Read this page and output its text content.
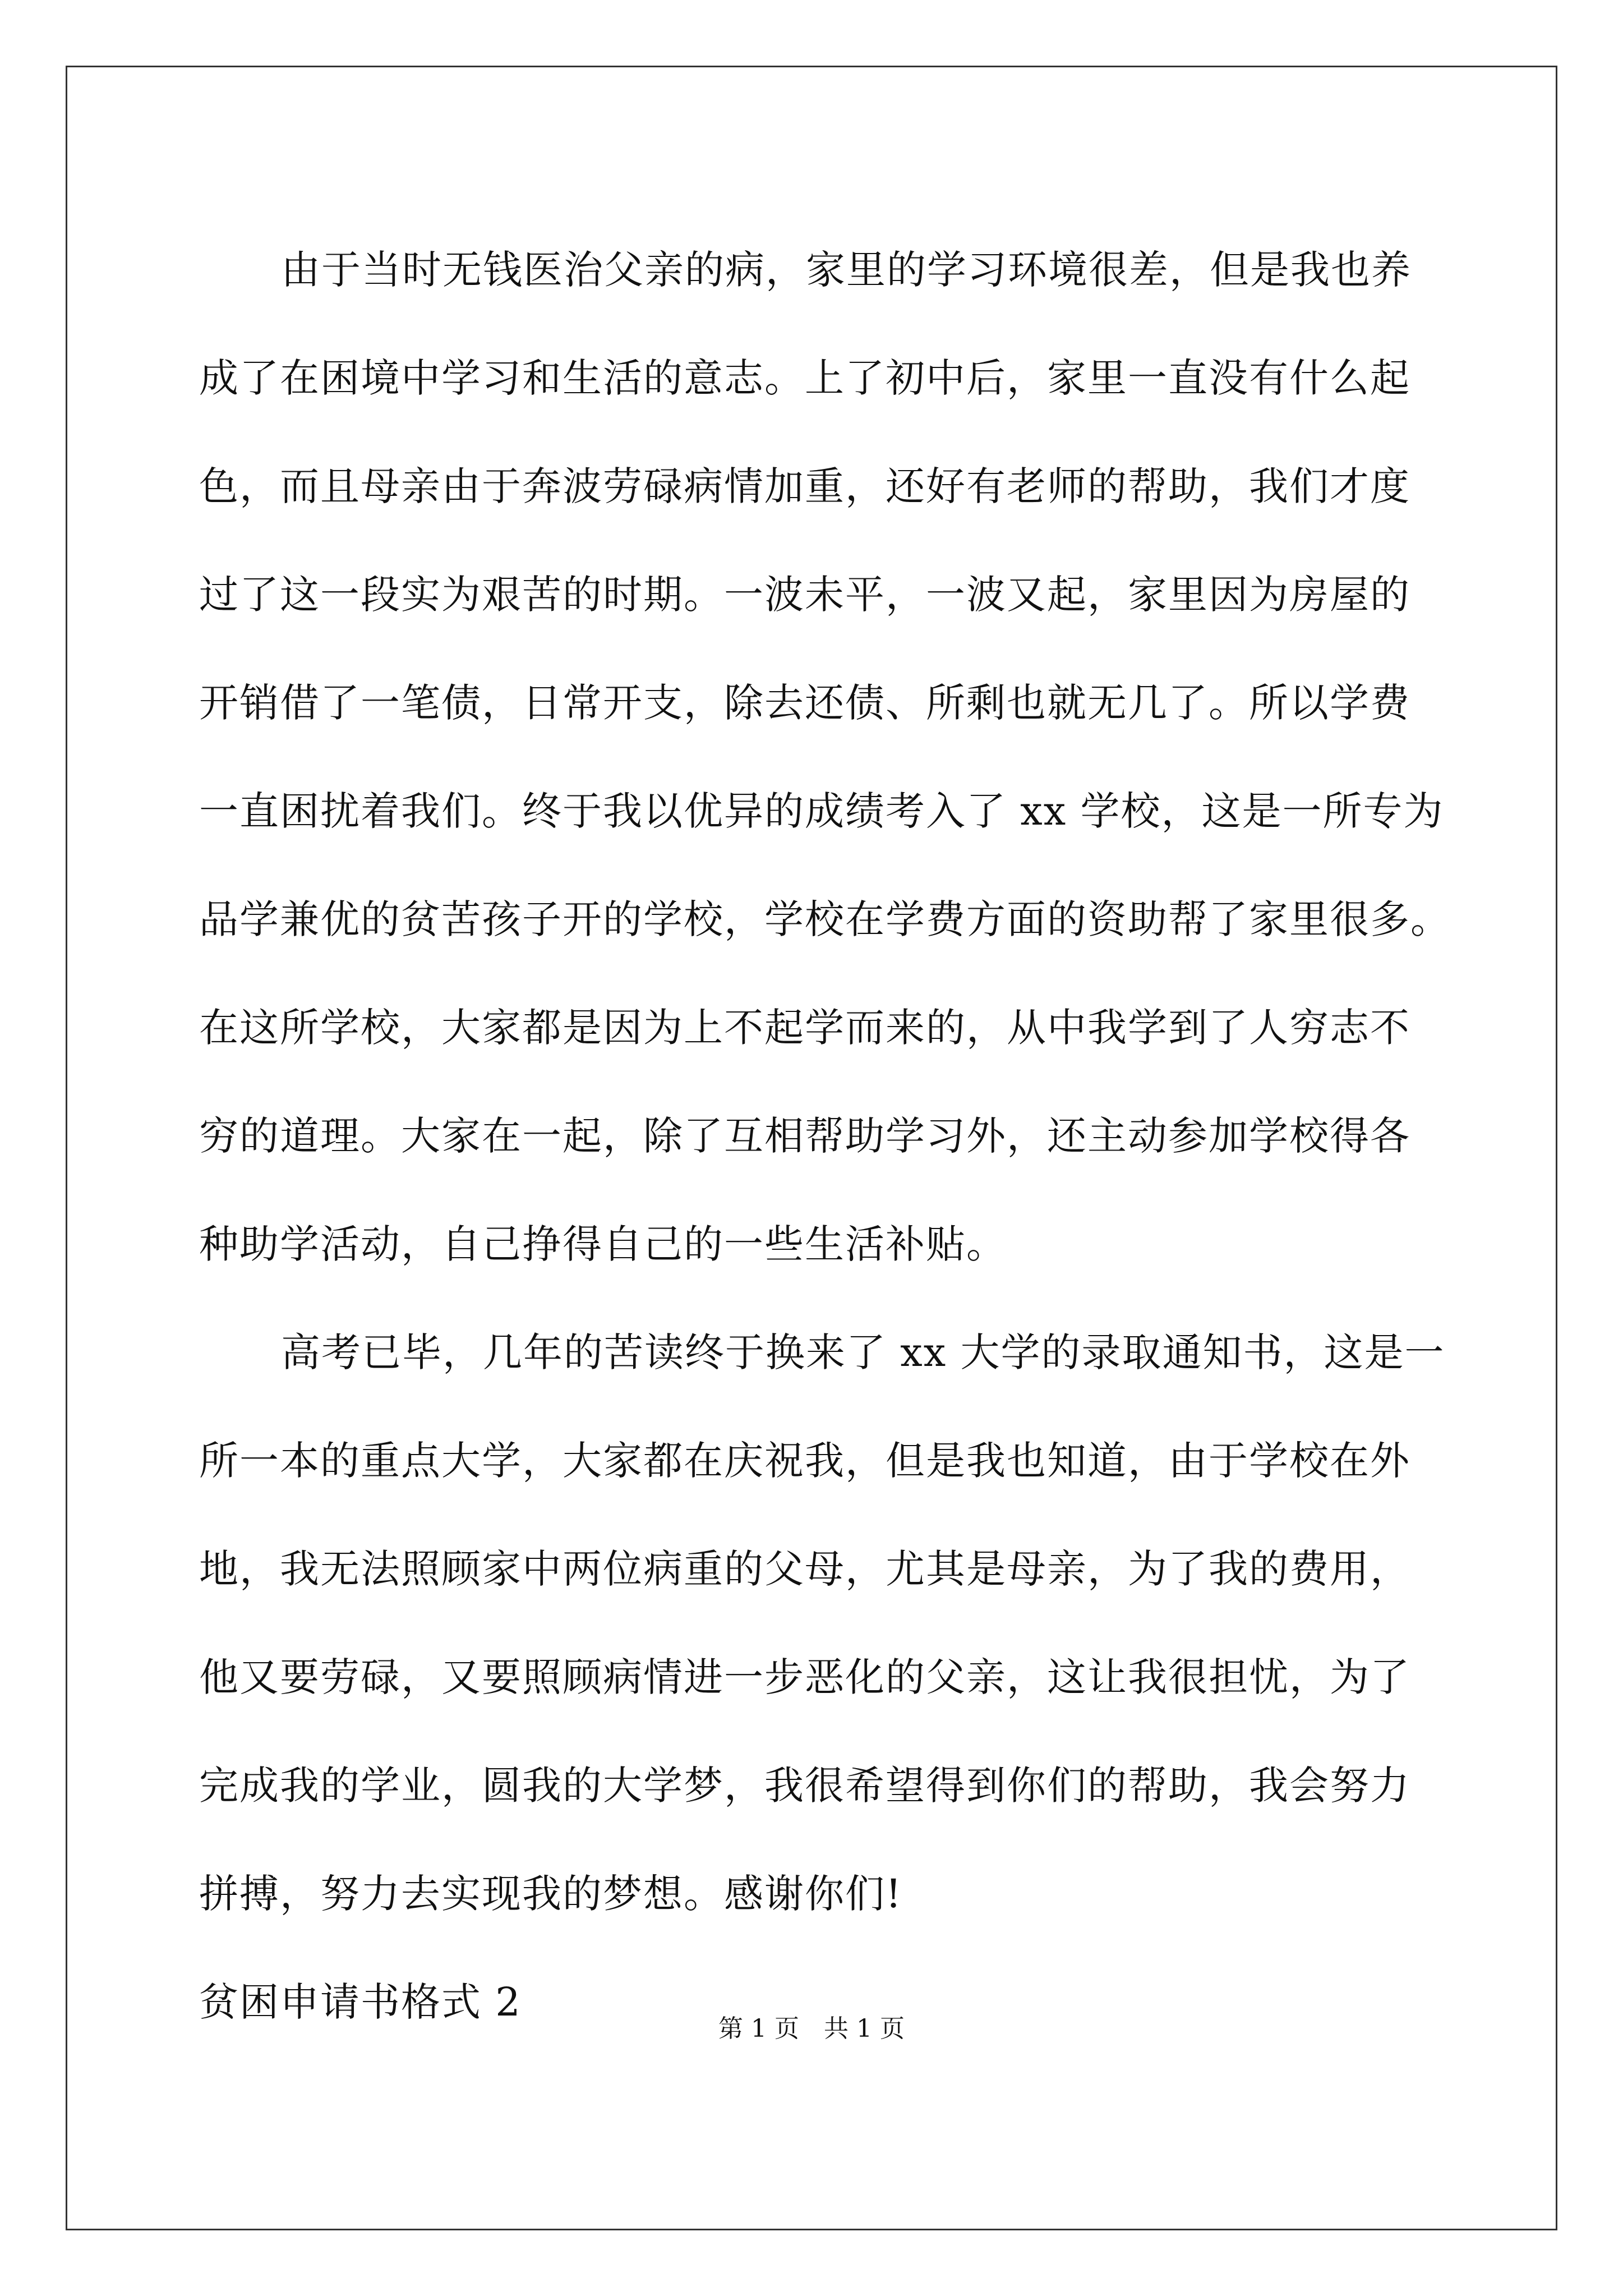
由于当时无钱医治父亲的病，家里的学习环境很差，但是我也养
成了在困境中学习和生活的意志。上了初中后，家里一直没有什么起
色，而且母亲由于奔波劳碌病情加重，还好有老师的帮助，我们才度
过了这一段实为艰苦的时期。一波未平，一波又起，家里因为房屋的
开销借了一笔债，日常开支，除去还债、所剩也就无几了。所以学费
一直困扰着我们。终于我以优异的成绩考入了 xx 学校，这是一所专为
品学兼优的贫苦孩子开的学校，学校在学费方面的资助帮了家里很多。
在这所学校，大家都是因为上不起学而来的，从中我学到了人穷志不
穷的道理。大家在一起，除了互相帮助学习外，还主动参加学校得各
种助学活动，自己挣得自己的一些生活补贴。
高考已毕，几年的苦读终于换来了 xx 大学的录取通知书，这是一
所一本的重点大学，大家都在庆祝我，但是我也知道，由于学校在外
地，我无法照顾家中两位病重的父母，尤其是母亲，为了我的费用，
他又要劳碌，又要照顾病情进一步恶化的父亲，这让我很担忧，为了
完成我的学业，圆我的大学梦，我很希望得到你们的帮助，我会努力
拼搏，努力去实现我的梦想。感谢你们!
贫困申请书格式 2
第 1 页　共 1 页
